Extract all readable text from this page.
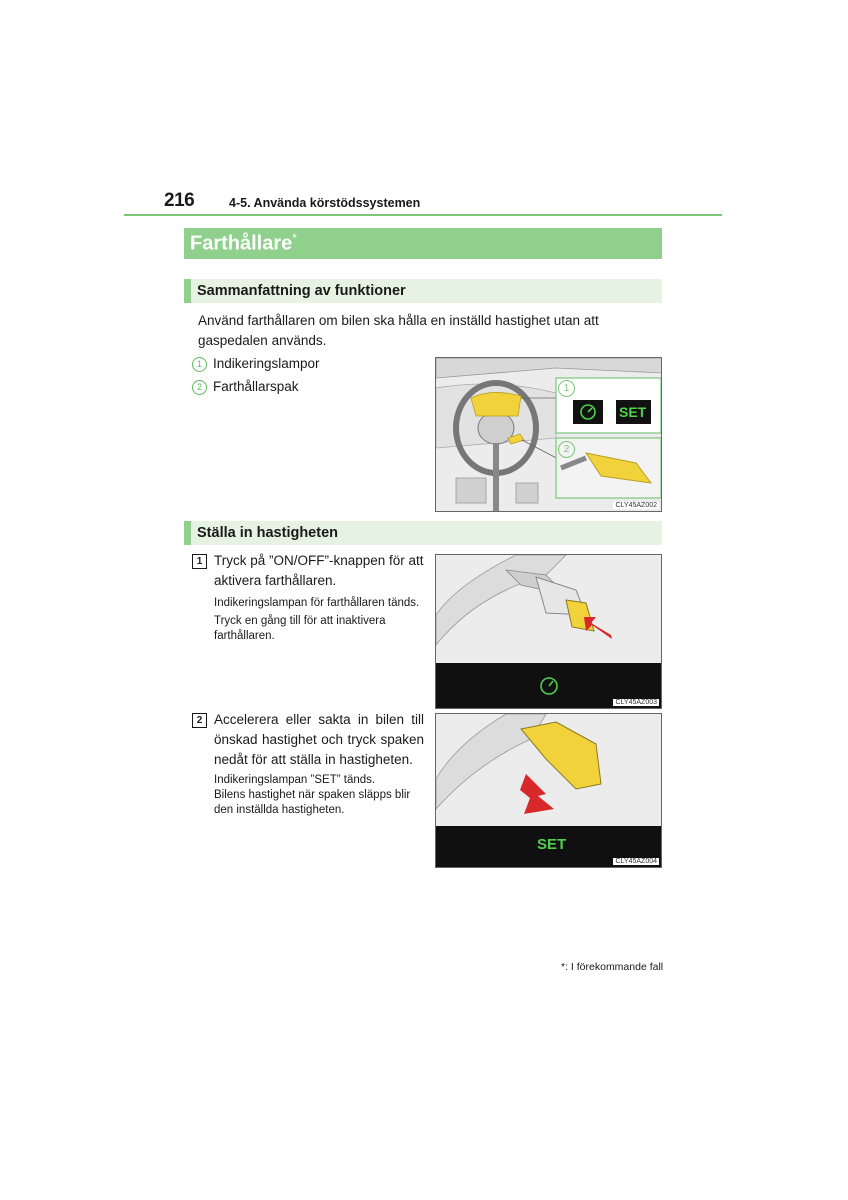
216	4-5. Använda körstödssystemen
Farthållare*
Sammanfattning av funktioner
Använd farthållaren om bilen ska hålla en inställd hastighet utan att gaspedalen används.
1 Indikeringslampor
2 Farthållarspak	1
SET
2
CLY45AZ002
Ställa in hastigheten
1 Tryck på ”ON/OFF”-knappen för att aktivera farthållaren.
Indikeringslampan för farthållaren tänds.
Tryck en gång till för att inaktivera farthållaren.
CLY45AZ003
2 Accelerera eller sakta in bilen till önskad hastighet och tryck spaken nedåt för att ställa in hastigheten.
Indikeringslampan ”SET” tänds.
Bilens hastighet när spaken släpps blir den inställda hastigheten.
SET
CLY45AZ004
*: I förekommande fall
